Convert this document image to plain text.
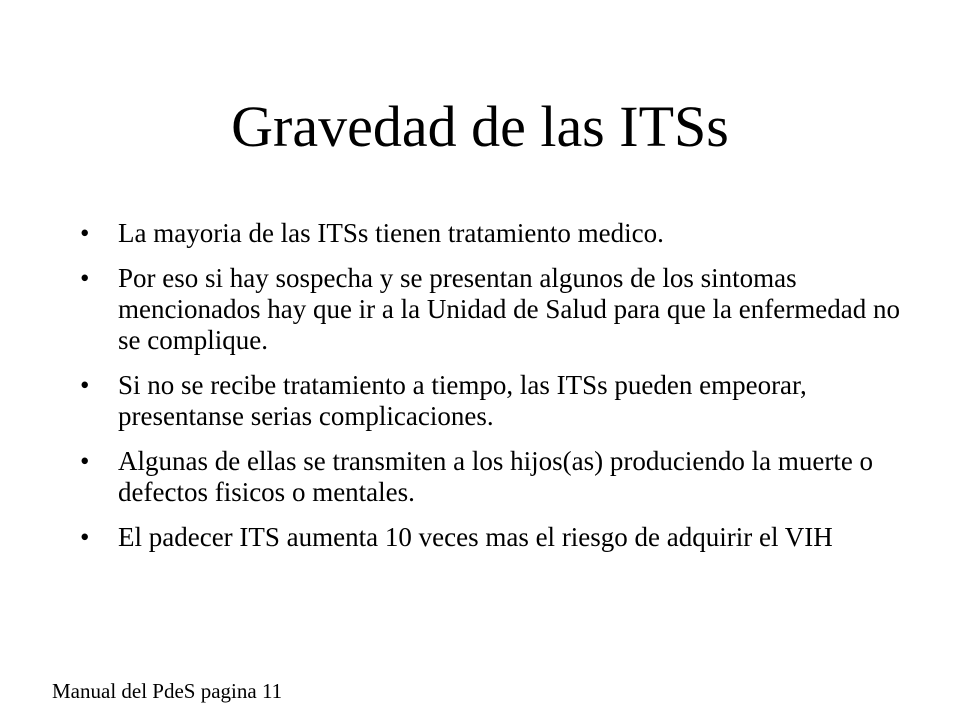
Gravedad de las ITSs
• La mayoria de las ITSs tienen tratamiento medico.
• Por eso si hay sospecha y se presentan algunos de los sintomas mencionados hay que ir a la Unidad de Salud para que la enfermedad no se complique.
• Si no se recibe tratamiento a tiempo, las ITSs pueden empeorar, presentanse serias complicaciones.
• Algunas de ellas se transmiten a los hijos(as) produciendo la muerte o defectos fisicos o mentales.
• El padecer ITS aumenta 10 veces mas el riesgo de adquirir el VIH
Manual del PdeS pagina 11
